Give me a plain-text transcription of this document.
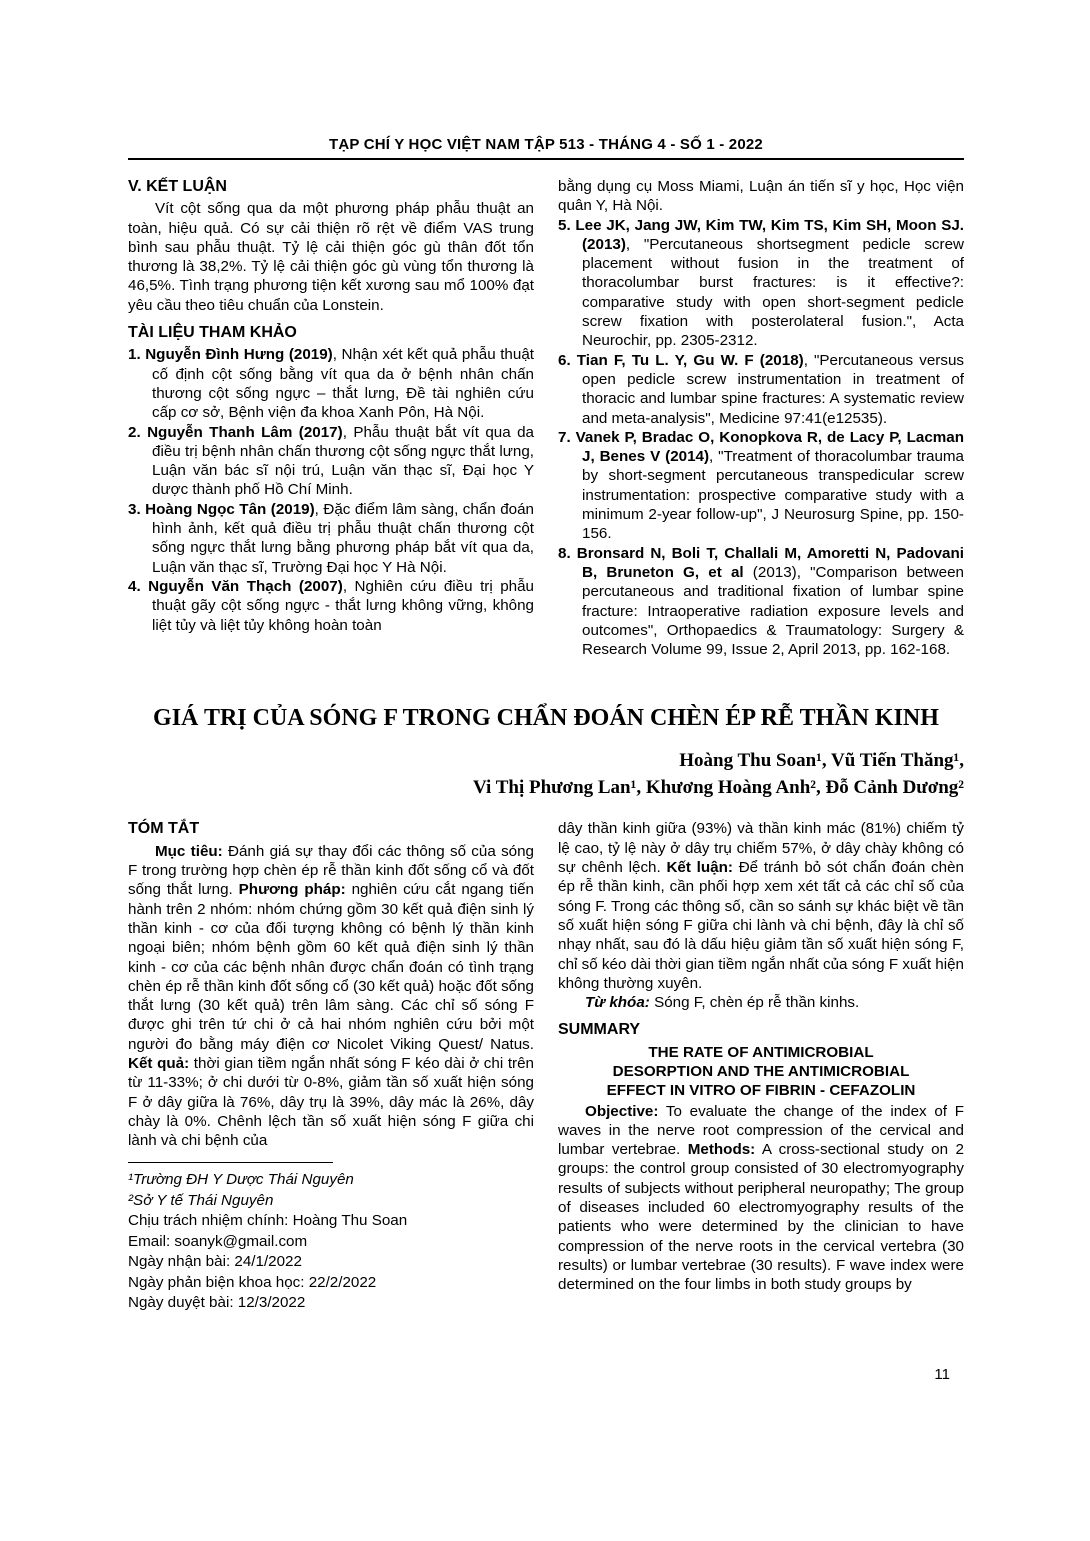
TẠP CHÍ Y HỌC VIỆT NAM TẬP 513 - THÁNG 4 - SỐ 1 - 2022
V. KẾT LUẬN

Vít cột sống qua da một phương pháp phẫu thuật an toàn, hiệu quả. Có sự cải thiện rõ rệt về điểm VAS trung bình sau phẫu thuật. Tỷ lệ cải thiện góc gù thân đốt tổn thương là 38,2%. Tỷ lệ cải thiện góc gù vùng tổn thương là 46,5%. Tình trạng phương tiện kết xương sau mổ 100% đạt yêu cầu theo tiêu chuẩn của Lonstein.

TÀI LIỆU THAM KHẢO
1. Nguyễn Đình Hưng (2019), Nhận xét kết quả phẫu thuật cố định cột sống bằng vít qua da ở bệnh nhân chấn thương cột sống ngực – thắt lưng, Đề tài nghiên cứu cấp cơ sở, Bệnh viện đa khoa Xanh Pôn, Hà Nội.
2. Nguyễn Thanh Lâm (2017), Phẫu thuật bắt vít qua da điều trị bệnh nhân chấn thương cột sống ngực thắt lưng, Luận văn bác sĩ nội trú, Luận văn thạc sĩ, Đại học Y dược thành phố Hồ Chí Minh.
3. Hoàng Ngọc Tân (2019), Đặc điểm lâm sàng, chẩn đoán hình ảnh, kết quả điều trị phẫu thuật chấn thương cột sống ngực thắt lưng bằng phương pháp bắt vít qua da, Luận văn thạc sĩ, Trường Đại học Y Hà Nội.
4. Nguyễn Văn Thạch (2007), Nghiên cứu điều trị phẫu thuật gãy cột sống ngực - thắt lưng không vững, không liệt tủy và liệt tủy không hoàn toàn

bằng dụng cụ Moss Miami, Luận án tiến sĩ y học, Học viện quân Y, Hà Nội.

5. Lee JK, Jang JW, Kim TW, Kim TS, Kim SH, Moon SJ. (2013), "Percutaneous shortsegment pedicle screw placement without fusion in the treatment of thoracolumbar burst fractures: is it effective?: comparative study with open short-segment pedicle screw fixation with posterolateral fusion.", Acta Neurochir, pp. 2305-2312.
6. Tian F, Tu L. Y, Gu W. F (2018), "Percutaneous versus open pedicle screw instrumentation in treatment of thoracic and lumbar spine fractures: A systematic review and meta-analysis", Medicine 97:41(e12535).
7. Vanek P, Bradac O, Konopkova R, de Lacy P, Lacman J, Benes V (2014), "Treatment of thoracolumbar trauma by short-segment percutaneous transpedicular screw instrumentation: prospective comparative study with a minimum 2-year follow-up", J Neurosurg Spine, pp. 150-156.
8. Bronsard N, Boli T, Challali M, Amoretti N, Padovani B, Bruneton G, et al (2013), "Comparison between percutaneous and traditional fixation of lumbar spine fracture: Intraoperative radiation exposure levels and outcomes", Orthopaedics & Traumatology: Surgery & Research Volume 99, Issue 2, April 2013, pp. 162-168.
GIÁ TRỊ CỦA SÓNG F TRONG CHẨN ĐOÁN CHÈN ÉP RỄ THẦN KINH
Hoàng Thu Soan¹, Vũ Tiến Thăng¹,
Vi Thị Phương Lan¹, Khương Hoàng Anh², Đỗ Cảnh Dương²
TÓM TẮT

Mục tiêu: Đánh giá sự thay đổi các thông số của sóng F trong trường hợp chèn ép rễ thần kinh đốt sống cổ và đốt sống thắt lưng. Phương pháp: nghiên cứu cắt ngang tiến hành trên 2 nhóm: nhóm chứng gồm 30 kết quả điện sinh lý thần kinh - cơ của đối tượng không có bệnh lý thần kinh ngoại biên; nhóm bệnh gồm 60 kết quả điện sinh lý thần kinh - cơ của các bệnh nhân được chẩn đoán có tình trạng chèn ép rễ thần kinh đốt sống cổ (30 kết quả) hoặc đốt sống thắt lưng (30 kết quả) trên lâm sàng. Các chỉ số sóng F được ghi trên tứ chi ở cả hai nhóm nghiên cứu bởi một người đo bằng máy điện cơ Nicolet Viking Quest/ Natus. Kết quả: thời gian tiềm ngắn nhất sóng F kéo dài ở chi trên từ 11-33%; ở chi dưới từ 0-8%, giảm tần số xuất hiện sóng F ở dây giữa là 76%, dây trụ là 39%, dây mác là 26%, dây chày là 0%. Chênh lệch tần số xuất hiện sóng F giữa chi lành và chi bệnh của

¹Trường ĐH Y Dược Thái Nguyên
²Sở Y tế Thái Nguyên
Chịu trách nhiệm chính: Hoàng Thu Soan
Email: soanyk@gmail.com
Ngày nhận bài: 24/1/2022
Ngày phản biện khoa học: 22/2/2022
Ngày duyệt bài: 12/3/2022

dây thần kinh giữa (93%) và thần kinh mác (81%) chiếm tỷ lệ cao, tỷ lệ này ở dây trụ chiếm 57%, ở dây chày không có sự chênh lệch. Kết luận: Để tránh bỏ sót chẩn đoán chèn ép rễ thần kinh, cần phối hợp xem xét tất cả các chỉ số của sóng F. Trong các thông số, cần so sánh sự khác biệt về tần số xuất hiện sóng F giữa chi lành và chi bệnh, đây là chỉ số nhạy nhất, sau đó là dấu hiệu giảm tần số xuất hiện sóng F, chỉ số kéo dài thời gian tiềm ngắn nhất của sóng F xuất hiện không thường xuyên.

Từ khóa: Sóng F, chèn ép rễ thần kinhs.

SUMMARY
THE RATE OF ANTIMICROBIAL DESORPTION AND THE ANTIMICROBIAL EFFECT IN VITRO OF FIBRIN - CEFAZOLIN

Objective: To evaluate the change of the index of F waves in the nerve root compression of the cervical and lumbar vertebrae. Methods: A cross-sectional study on 2 groups: the control group consisted of 30 electromyography results of subjects without peripheral neuropathy; The group of diseases included 60 electromyography results of the patients who were determined by the clinician to have compression of the nerve roots in the cervical vertebra (30 results) or lumbar vertebrae (30 results). F wave index were determined on the four limbs in both study groups by

11
